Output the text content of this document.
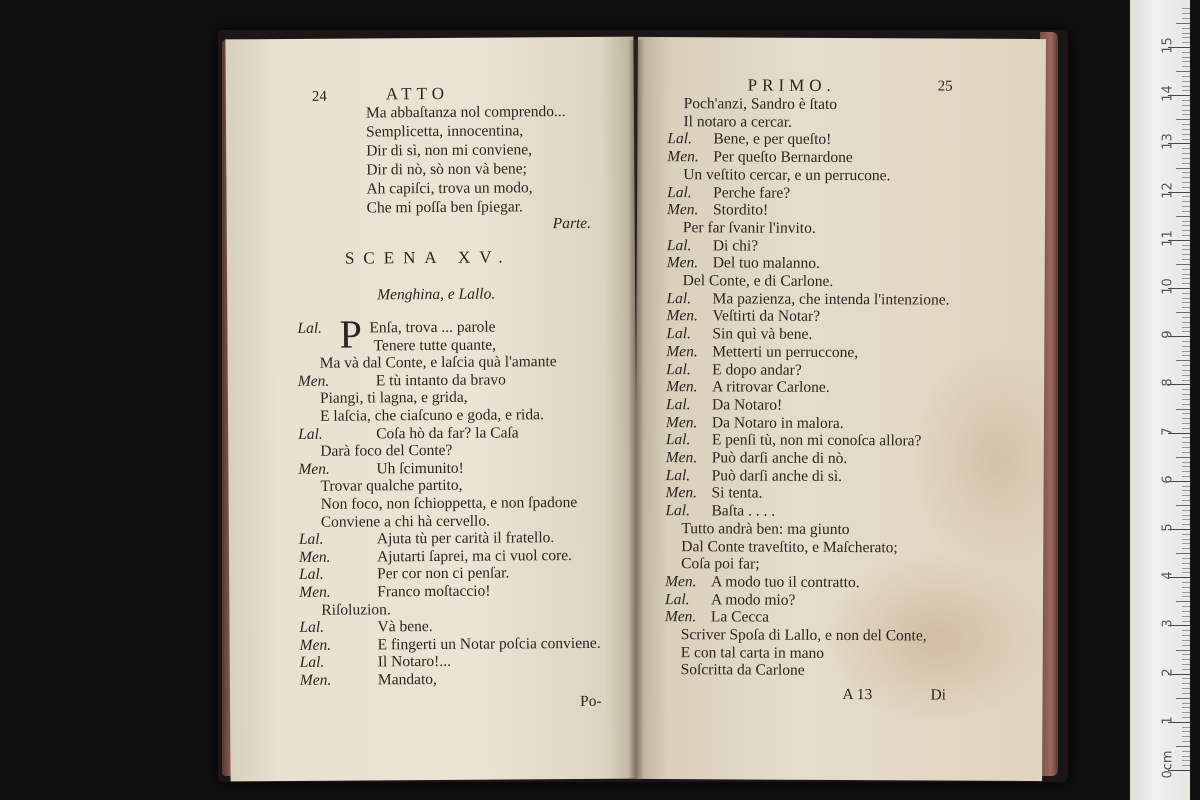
24	ATTO
Ma abbaſtanza nol comprendo...
Semplicetta, innocentina,
Dir di sì, non mi conviene,
Dir di nò, sò non và bene;
Ah capiſci, trova un modo,
Che mi poſſa ben ſpiegar.
Parte.
SCENA XV.
Menghina, e Lallo.
P
Lal.	Enſa, trova ... parole
Tenere tutte quante,
Ma và dal Conte, e laſcia quà l'amante
Men.	E tù intanto da bravo
Piangi, ti lagna, e grida,
E laſcia, che ciaſcuno e goda, e rida.
Lal.	Coſa hò da far? la Caſa
Darà foco del Conte?
Men.	Uh ſcimunito!
Trovar qualche partito,
Non foco, non ſchioppetta, e non ſpadone
Conviene a chi hà cervello.
Lal.	Ajuta tù per carità il fratello.
Men.	Ajutarti ſaprei, ma ci vuol core.
Lal.	Per cor non ci penſar.
Men.	Franco moſtaccio!
Riſoluzion.
Lal.	Và bene.
Men.	E fingerti un Notar poſcia conviene.
Lal.	Il Notaro!...
Men.	Mandato,
Po-
PRIMO.	25
Poch'anzi, Sandro è ſtato
Il notaro a cercar.
Lal. Bene, e per queſto!
Men. Per queſto Bernardone
Un veſtito cercar, e un perrucone.
Lal. Perche fare?
Men. Stordito!
Per far ſvanir l'invito.
Lal. Di chi?
Men. Del tuo malanno.
Del Conte, e di Carlone.
Lal. Ma pazienza, che intenda l'intenzione.
Men. Veſtirti da Notar?
Lal. Sin quì và bene.
Men. Metterti un perruccone,
Lal. E dopo andar?
Men. A ritrovar Carlone.
Lal. Da Notaro!
Men. Da Notaro in malora.
Lal. E penſi tù, non mi conoſca allora?
Men. Può darſi anche di nò.
Lal. Può darſi anche di sì.
Men. Si tenta.
Lal. Baſta . . . .
Tutto andrà ben: ma giunto
Dal Conte traveſtito, e Maſcherato;
Coſa poi far;
Men. A modo tuo il contratto.
Lal. A modo mio?
Men. La Cecca
Scriver Spoſa di Lallo, e non del Conte,
E con tal carta in mano
Soſcritta da Carlone
A 13	Di
0cm
1
2
3
4
5
6
7
8
9
10
11
12
13
14
15
